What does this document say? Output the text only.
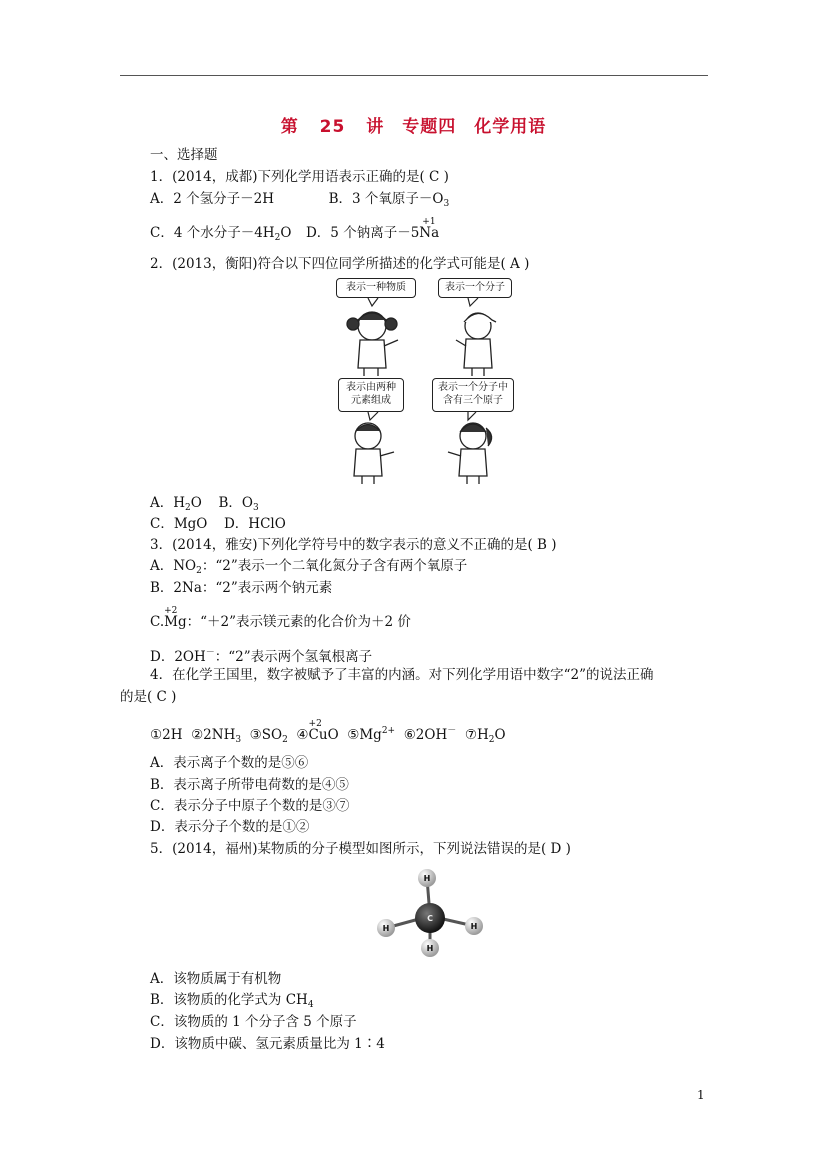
第 25 讲　专题四　化学用语
一、选择题
1．(2014，成都)下列化学用语表示正确的是( C )
A．2 个氢分子－2H	B．3 个氧原子$-O_3$
C．4 个水分子$-4H_2O$ D．5 个钠离子－5
+1
Na
2．(2013，衡阳)符合以下四位同学所描述的化学式可能是( A )
表示一种物质	表示一个分子
表示由两种元素组成
表示一个分子中含有三个原子
A．$H_2O$ B．$O_3$
C．MgO D．HClO
3．(2014，雅安)下列化学符号中的数字表示的意义不正确的是( B )
A．$NO_2$：“2”表示一个二氧化氮分子含有两个氧原子
B．2Na：“2”表示两个钠元素
C.
+2
Mg：“＋2”表示镁元素的化合价为＋2 价
D．2OH－：“2”表示两个氢氧根离子
4．在化学王国里，数字被赋予了丰富的内涵。对下列化学用语中数字“2”的说法正确
的是( C )
①2H $②2NH_3$ $③SO_2$ ④
+2
CuO $⑤Mg^{2+}$ ⑥2OH－ $⑦H_2O$
A．表示离子个数的是⑤⑥
B．表示离子所带电荷数的是④⑤
C．表示分子中原子个数的是③⑦
D．表示分子个数的是①②
5．(2014，福州)某物质的分子模型如图所示，下列说法错误的是( D )
H
H	H
H
C
A．该物质属于有机物
B．该物质的化学式为 $CH_4$
C．该物质的 1 个分子含 5 个原子
D．该物质中碳、氢元素质量比为 1∶4
1
